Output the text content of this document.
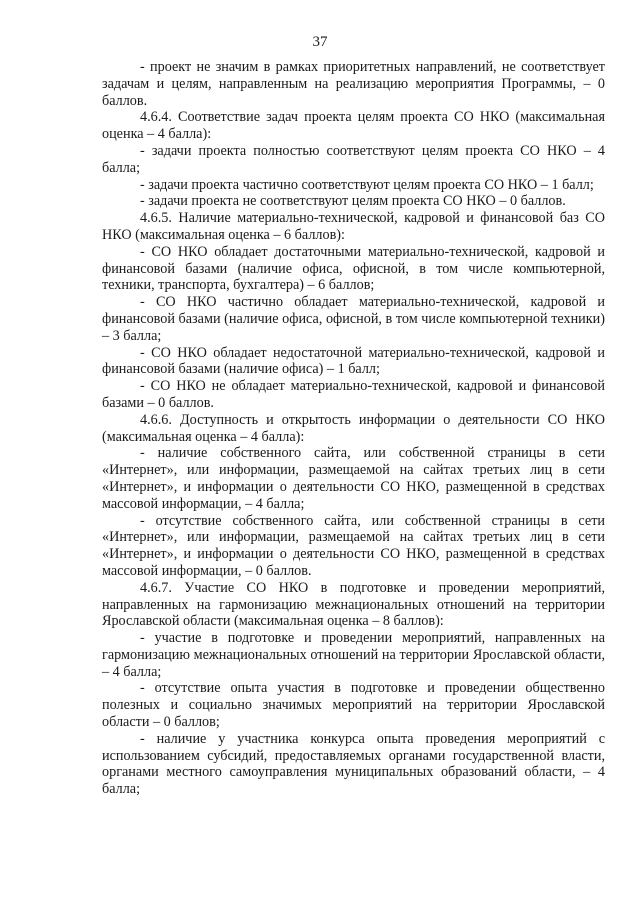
37

- проект не значим в рамках приоритетных направлений, не соответствует задачам и целям, направленным на реализацию мероприятия Программы, – 0 баллов.

4.6.4. Соответствие задач проекта целям проекта СО НКО (максимальная оценка – 4 балла):

- задачи проекта полностью соответствуют целям проекта СО НКО – 4 балла;

- задачи проекта частично соответствуют целям проекта СО НКО – 1 балл;

- задачи проекта не соответствуют целям проекта СО НКО – 0 баллов.

4.6.5. Наличие материально-технической, кадровой и финансовой баз СО НКО (максимальная оценка – 6 баллов):

- СО НКО обладает достаточными материально-технической, кадровой и финансовой базами (наличие офиса, офисной, в том числе компьютерной, техники, транспорта, бухгалтера) – 6 баллов;

- СО НКО частично обладает материально-технической, кадровой и финансовой базами (наличие офиса, офисной, в том числе компьютерной техники) – 3 балла;

- СО НКО обладает недостаточной материально-технической, кадровой и финансовой базами (наличие офиса) – 1 балл;

- СО НКО не обладает материально-технической, кадровой и финансовой базами – 0 баллов.

4.6.6. Доступность и открытость информации о деятельности СО НКО (максимальная оценка – 4 балла):

- наличие собственного сайта, или собственной страницы в сети «Интернет», или информации, размещаемой на сайтах третьих лиц в сети «Интернет», и информации о деятельности СО НКО, размещенной в средствах массовой информации, – 4 балла;

- отсутствие собственного сайта, или собственной страницы в сети «Интернет», или информации, размещаемой на сайтах третьих лиц в сети «Интернет», и информации о деятельности СО НКО, размещенной в средствах массовой информации, – 0 баллов.

4.6.7. Участие СО НКО в подготовке и проведении мероприятий, направленных на гармонизацию межнациональных отношений на территории Ярославской области (максимальная оценка – 8 баллов):

- участие в подготовке и проведении мероприятий, направленных на гармонизацию межнациональных отношений на территории Ярославской области, – 4 балла;

- отсутствие опыта участия в подготовке и проведении общественно полезных и социально значимых мероприятий на территории Ярославской области – 0 баллов;

- наличие у участника конкурса опыта проведения мероприятий с использованием субсидий, предоставляемых органами государственной власти, органами местного самоуправления муниципальных образований области, – 4 балла;
